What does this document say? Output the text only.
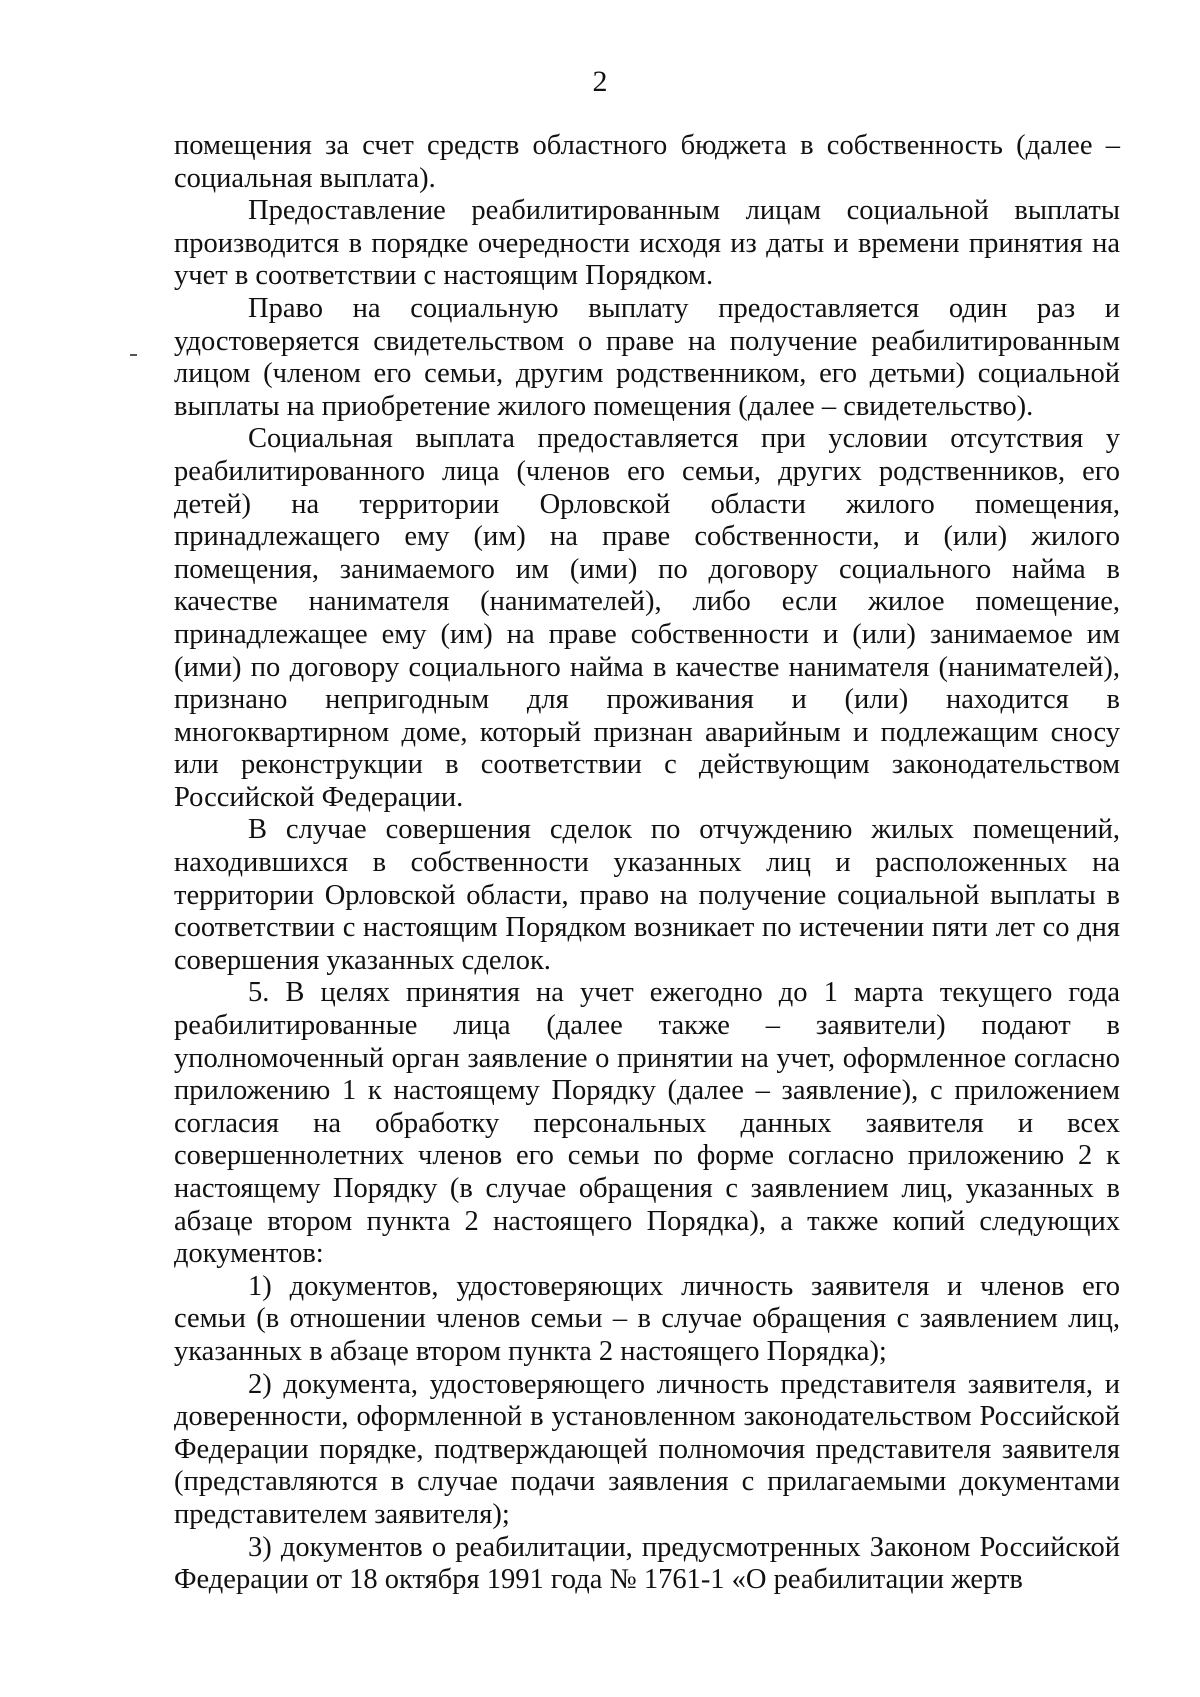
2

помещения за счет средств областного бюджета в собственность (далее – социальная выплата).

Предоставление реабилитированным лицам социальной выплаты производится в порядке очередности исходя из даты и времени принятия на учет в соответствии с настоящим Порядком.

Право на социальную выплату предоставляется один раз и удостоверяется свидетельством о праве на получение реабилитированным лицом (членом его семьи, другим родственником, его детьми) социальной выплаты на приобретение жилого помещения (далее – свидетельство).

Социальная выплата предоставляется при условии отсутствия у реабилитированного лица (членов его семьи, других родственников, его детей) на территории Орловской области жилого помещения, принадлежащего ему (им) на праве собственности, и (или) жилого помещения, занимаемого им (ими) по договору социального найма в качестве нанимателя (нанимателей), либо если жилое помещение, принадлежащее ему (им) на праве собственности и (или) занимаемое им (ими) по договору социального найма в качестве нанимателя (нанимателей), признано непригодным для проживания и (или) находится в многоквартирном доме, который признан аварийным и подлежащим сносу или реконструкции в соответствии с действующим законодательством Российской Федерации.

В случае совершения сделок по отчуждению жилых помещений, находившихся в собственности указанных лиц и расположенных на территории Орловской области, право на получение социальной выплаты в соответствии с настоящим Порядком возникает по истечении пяти лет со дня совершения указанных сделок.

5. В целях принятия на учет ежегодно до 1 марта текущего года реабилитированные лица (далее также – заявители) подают в уполномоченный орган заявление о принятии на учет, оформленное согласно приложению 1 к настоящему Порядку (далее – заявление), с приложением согласия на обработку персональных данных заявителя и всех совершеннолетних членов его семьи по форме согласно приложению 2 к настоящему Порядку (в случае обращения с заявлением лиц, указанных в абзаце втором пункта 2 настоящего Порядка), а также копий следующих документов:

1) документов, удостоверяющих личность заявителя и членов его семьи (в отношении членов семьи – в случае обращения с заявлением лиц, указанных в абзаце втором пункта 2 настоящего Порядка);

2) документа, удостоверяющего личность представителя заявителя, и доверенности, оформленной в установленном законодательством Российской Федерации порядке, подтверждающей полномочия представителя заявителя (представляются в случае подачи заявления с прилагаемыми документами представителем заявителя);

3) документов о реабилитации, предусмотренных Законом Российской Федерации от 18 октября 1991 года № 1761-1 «О реабилитации жертв
